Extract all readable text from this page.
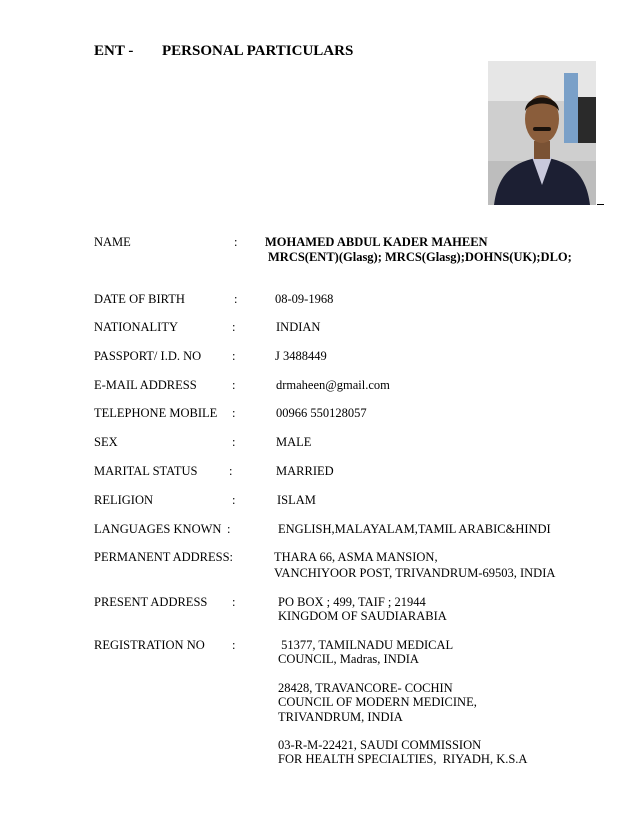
ENT - PERSONAL PARTICULARS
NAME	: MOHAMED ABDUL KADER MAHEEN
MRCS(ENT)(Glasg); MRCS(Glasg);DOHNS(UK);DLO;
DATE OF BIRTH	:	08-09-1968
NATIONALITY	:	INDIAN
PASSPORT/ I.D. NO :	J 3488449
E-MAIL ADDRESS	:	drmaheen@gmail.com
TELEPHONE MOBILE :	00966 550128057
SEX	:	MALE
MARITAL STATUS	:	MARRIED
RELIGION	:	ISLAM
LANGUAGES KNOWN :	ENGLISH,MALAYALAM,TAMIL ARABIC&HINDI
PERMANENT ADDRESS:	THARA 66, ASMA MANSION,
VANCHIYOOR POST, TRIVANDRUM-69503, INDIA
PRESENT ADDRESS :	PO BOX ; 499, TAIF ; 21944
KINGDOM OF SAUDIARABIA
REGISTRATION NO :	51377, TAMILNADU MEDICAL
COUNCIL, Madras, INDIA
28428, TRAVANCORE- COCHIN
COUNCIL OF MODERN MEDICINE,
TRIVANDRUM, INDIA
03-R-M-22421, SAUDI COMMISSION
FOR HEALTH SPECIALTIES,  RIYADH, K.S.A
